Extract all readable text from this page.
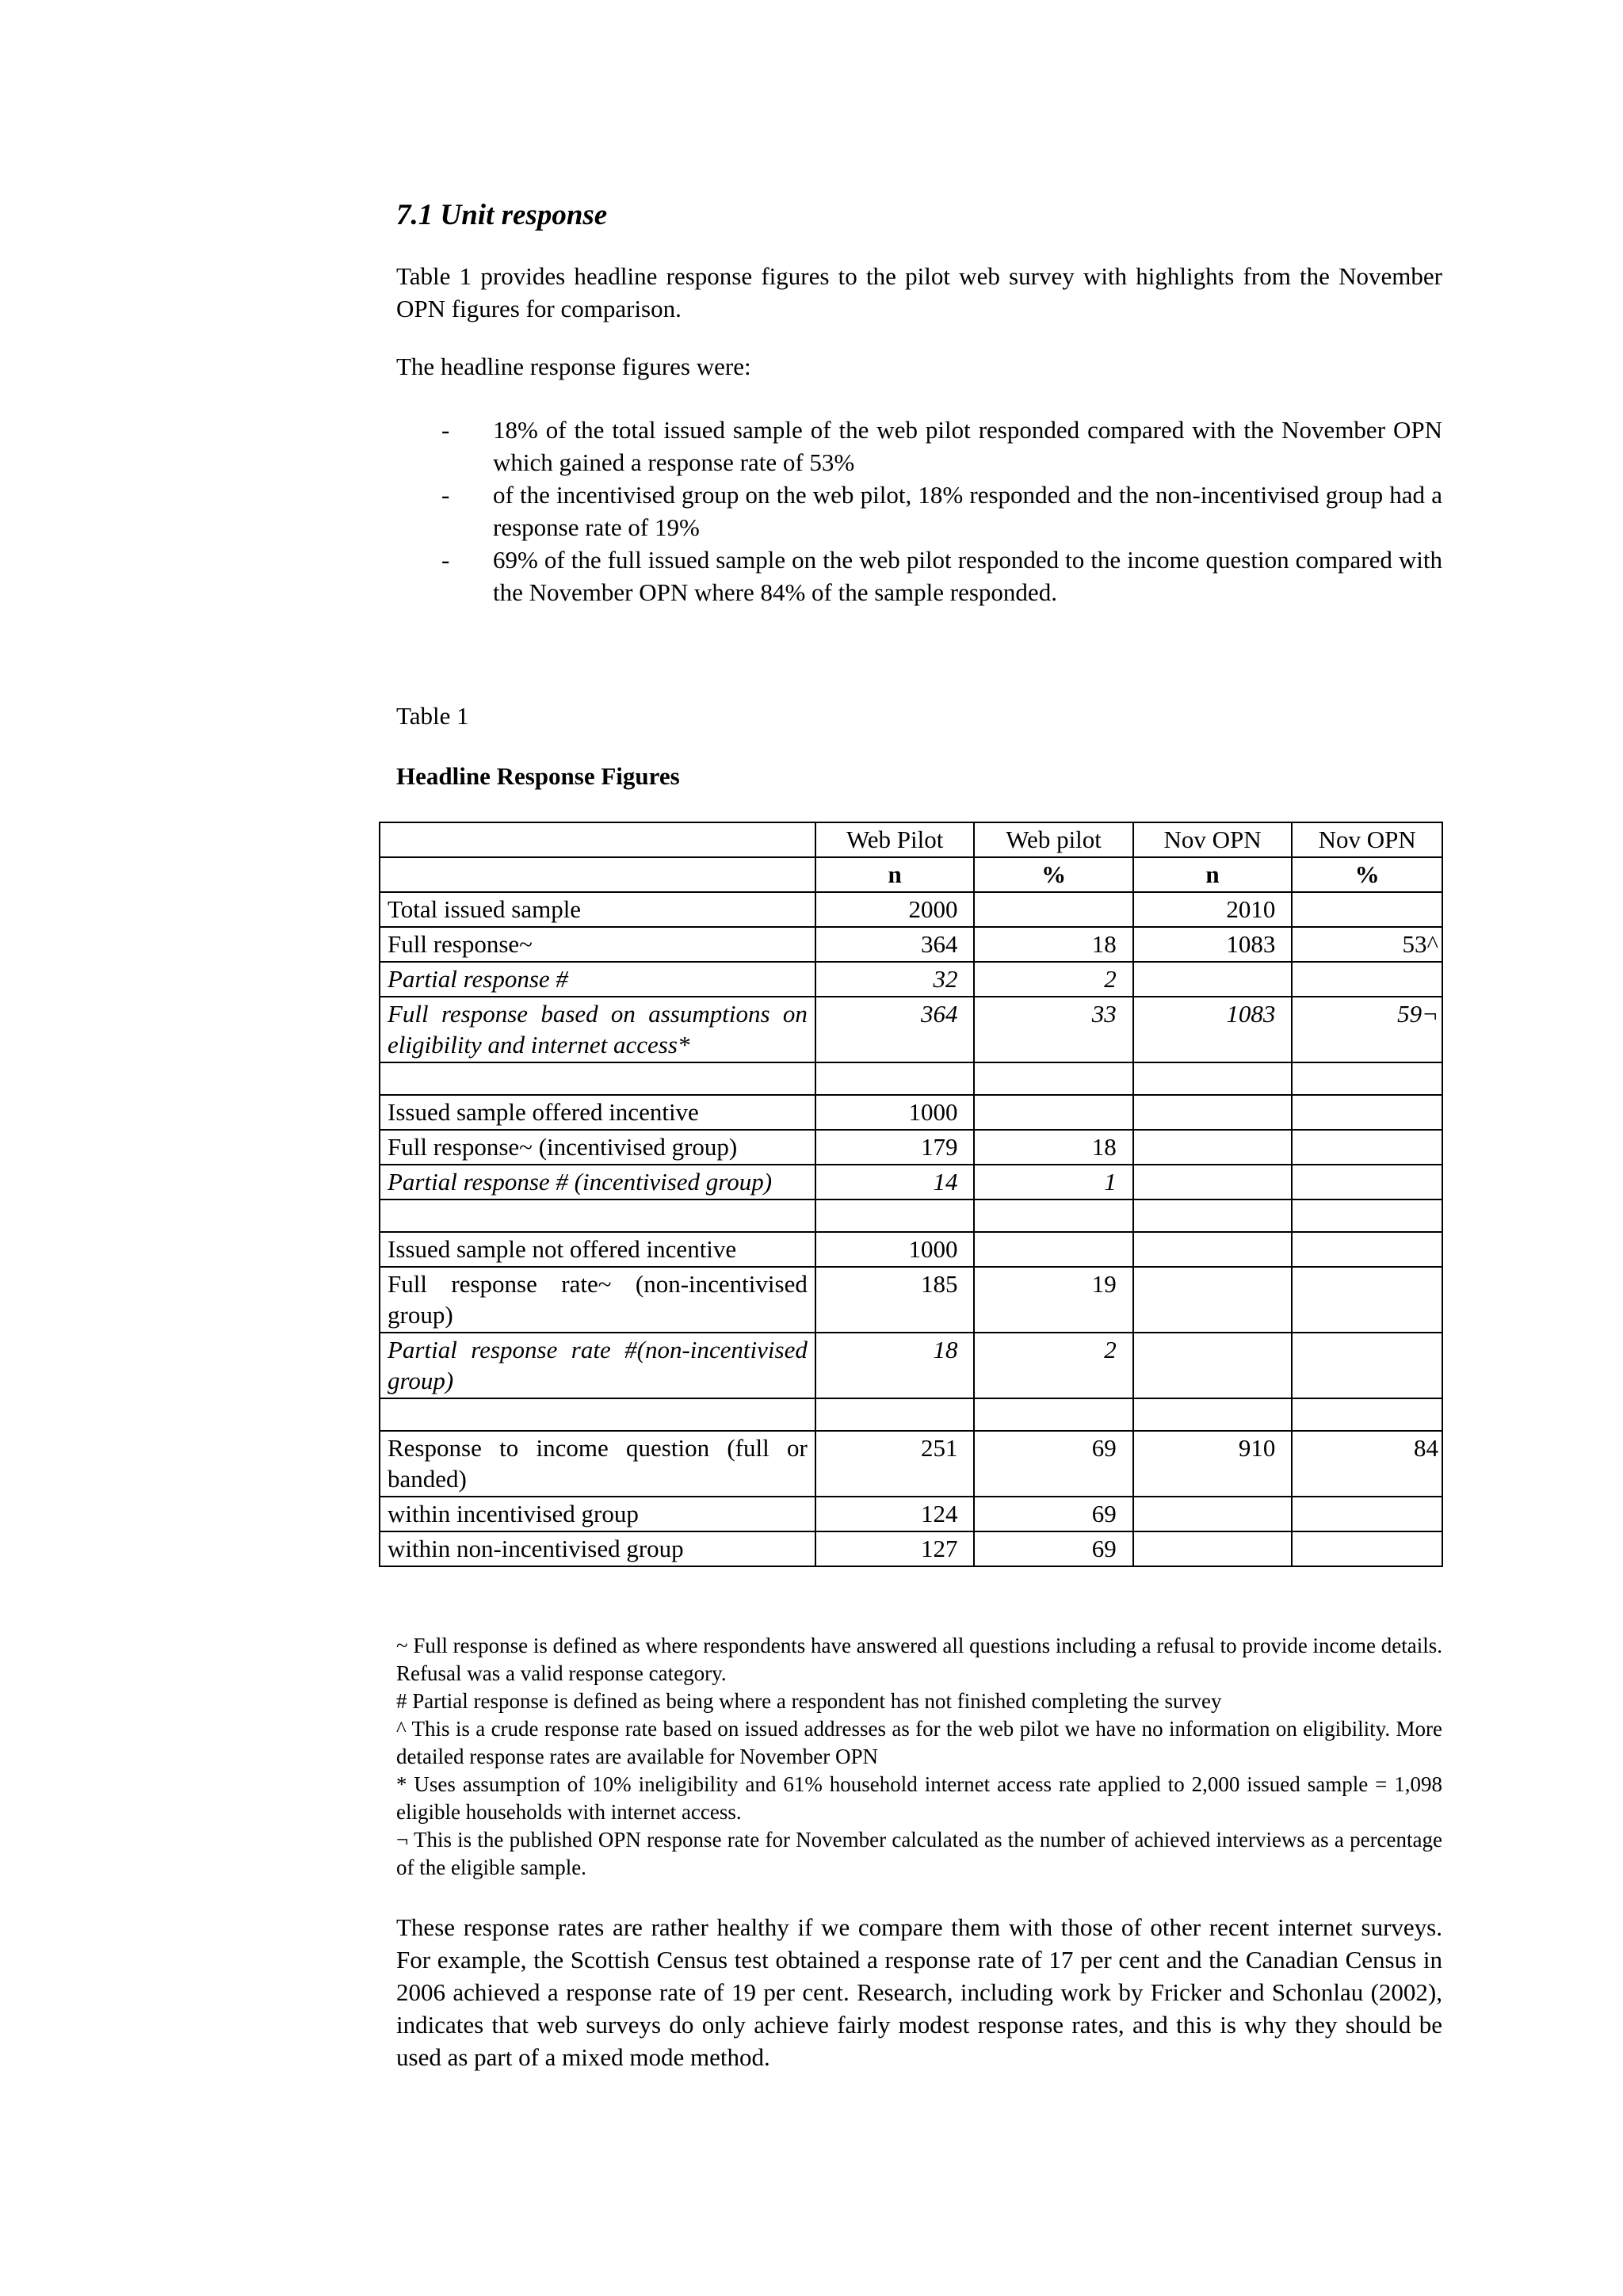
7.1 Unit response

Table 1 provides headline response figures to the pilot web survey with highlights from the November OPN figures for comparison.

The headline response figures were:

- 18% of the total issued sample of the web pilot responded compared with the November OPN which gained a response rate of 53%
- of the incentivised group on the web pilot, 18% responded and the non-incentivised group had a response rate of 19%
- 69% of the full issued sample on the web pilot responded to the income question compared with the November OPN where 84% of the sample responded.

Table 1

Headline Response Figures

	Web Pilot	Web pilot	Nov OPN	Nov OPN
	n	%	n	%
Total issued sample	2000		2010	
Full response~	364	18	1083	53^
Partial response #	32	2		
Full response based on assumptions on eligibility and internet access*	364	33	1083	59¬

Issued sample offered incentive	1000			
Full response~ (incentivised group)	179	18		
Partial response # (incentivised group)	14	1		

Issued sample not offered incentive	1000			
Full response rate~ (non-incentivised group)	185	19		
Partial response rate #(non-incentivised group)	18	2		

Response to income question (full or banded)	251	69	910	84
within incentivised group	124	69		
within non-incentivised group	127	69		

~ Full response is defined as where respondents have answered all questions including a refusal to provide income details. Refusal was a valid response category.

# Partial response is defined as being where a respondent has not finished completing the survey

^ This is a crude response rate based on issued addresses as for the web pilot we have no information on eligibility. More detailed response rates are available for November OPN

* Uses assumption of 10% ineligibility and 61% household internet access rate applied to 2,000 issued sample = 1,098 eligible households with internet access.

¬ This is the published OPN response rate for November calculated as the number of achieved interviews as a percentage of the eligible sample.

These response rates are rather healthy if we compare them with those of other recent internet surveys. For example, the Scottish Census test obtained a response rate of 17 per cent and the Canadian Census in 2006 achieved a response rate of 19 per cent. Research, including work by Fricker and Schonlau (2002), indicates that web surveys do only achieve fairly modest response rates, and this is why they should be used as part of a mixed mode method.
